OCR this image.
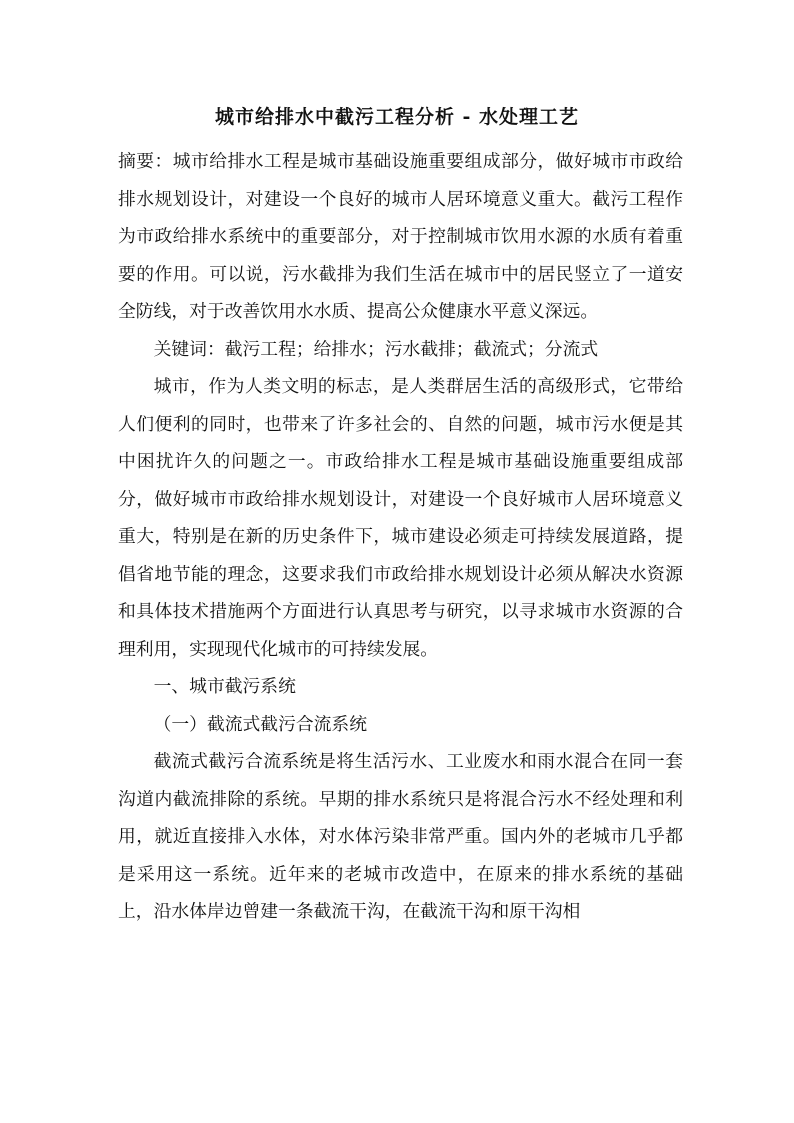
城市给排水中截污工程分析 - 水处理工艺

摘要：城市给排水工程是城市基础设施重要组成部分，做好城市市政给排水规划设计，对建设一个良好的城市人居环境意义重大。截污工程作为市政给排水系统中的重要部分，对于控制城市饮用水源的水质有着重要的作用。可以说，污水截排为我们生活在城市中的居民竖立了一道安全防线，对于改善饮用水水质、提高公众健康水平意义深远。

关键词：截污工程；给排水；污水截排；截流式；分流式

城市，作为人类文明的标志，是人类群居生活的高级形式，它带给人们便利的同时，也带来了许多社会的、自然的问题，城市污水便是其中困扰许久的问题之一。市政给排水工程是城市基础设施重要组成部分，做好城市市政给排水规划设计，对建设一个良好城市人居环境意义重大，特别是在新的历史条件下，城市建设必须走可持续发展道路，提倡省地节能的理念，这要求我们市政给排水规划设计必须从解决水资源和具体技术措施两个方面进行认真思考与研究，以寻求城市水资源的合理利用，实现现代化城市的可持续发展。

一、城市截污系统

（一）截流式截污合流系统

截流式截污合流系统是将生活污水、工业废水和雨水混合在同一套沟道内截流排除的系统。早期的排水系统只是将混合污水不经处理和利用，就近直接排入水体，对水体污染非常严重。国内外的老城市几乎都是采用这一系统。近年来的老城市改造中，在原来的排水系统的基础上，沿水体岸边曾建一条截流干沟，在截流干沟和原干沟相
